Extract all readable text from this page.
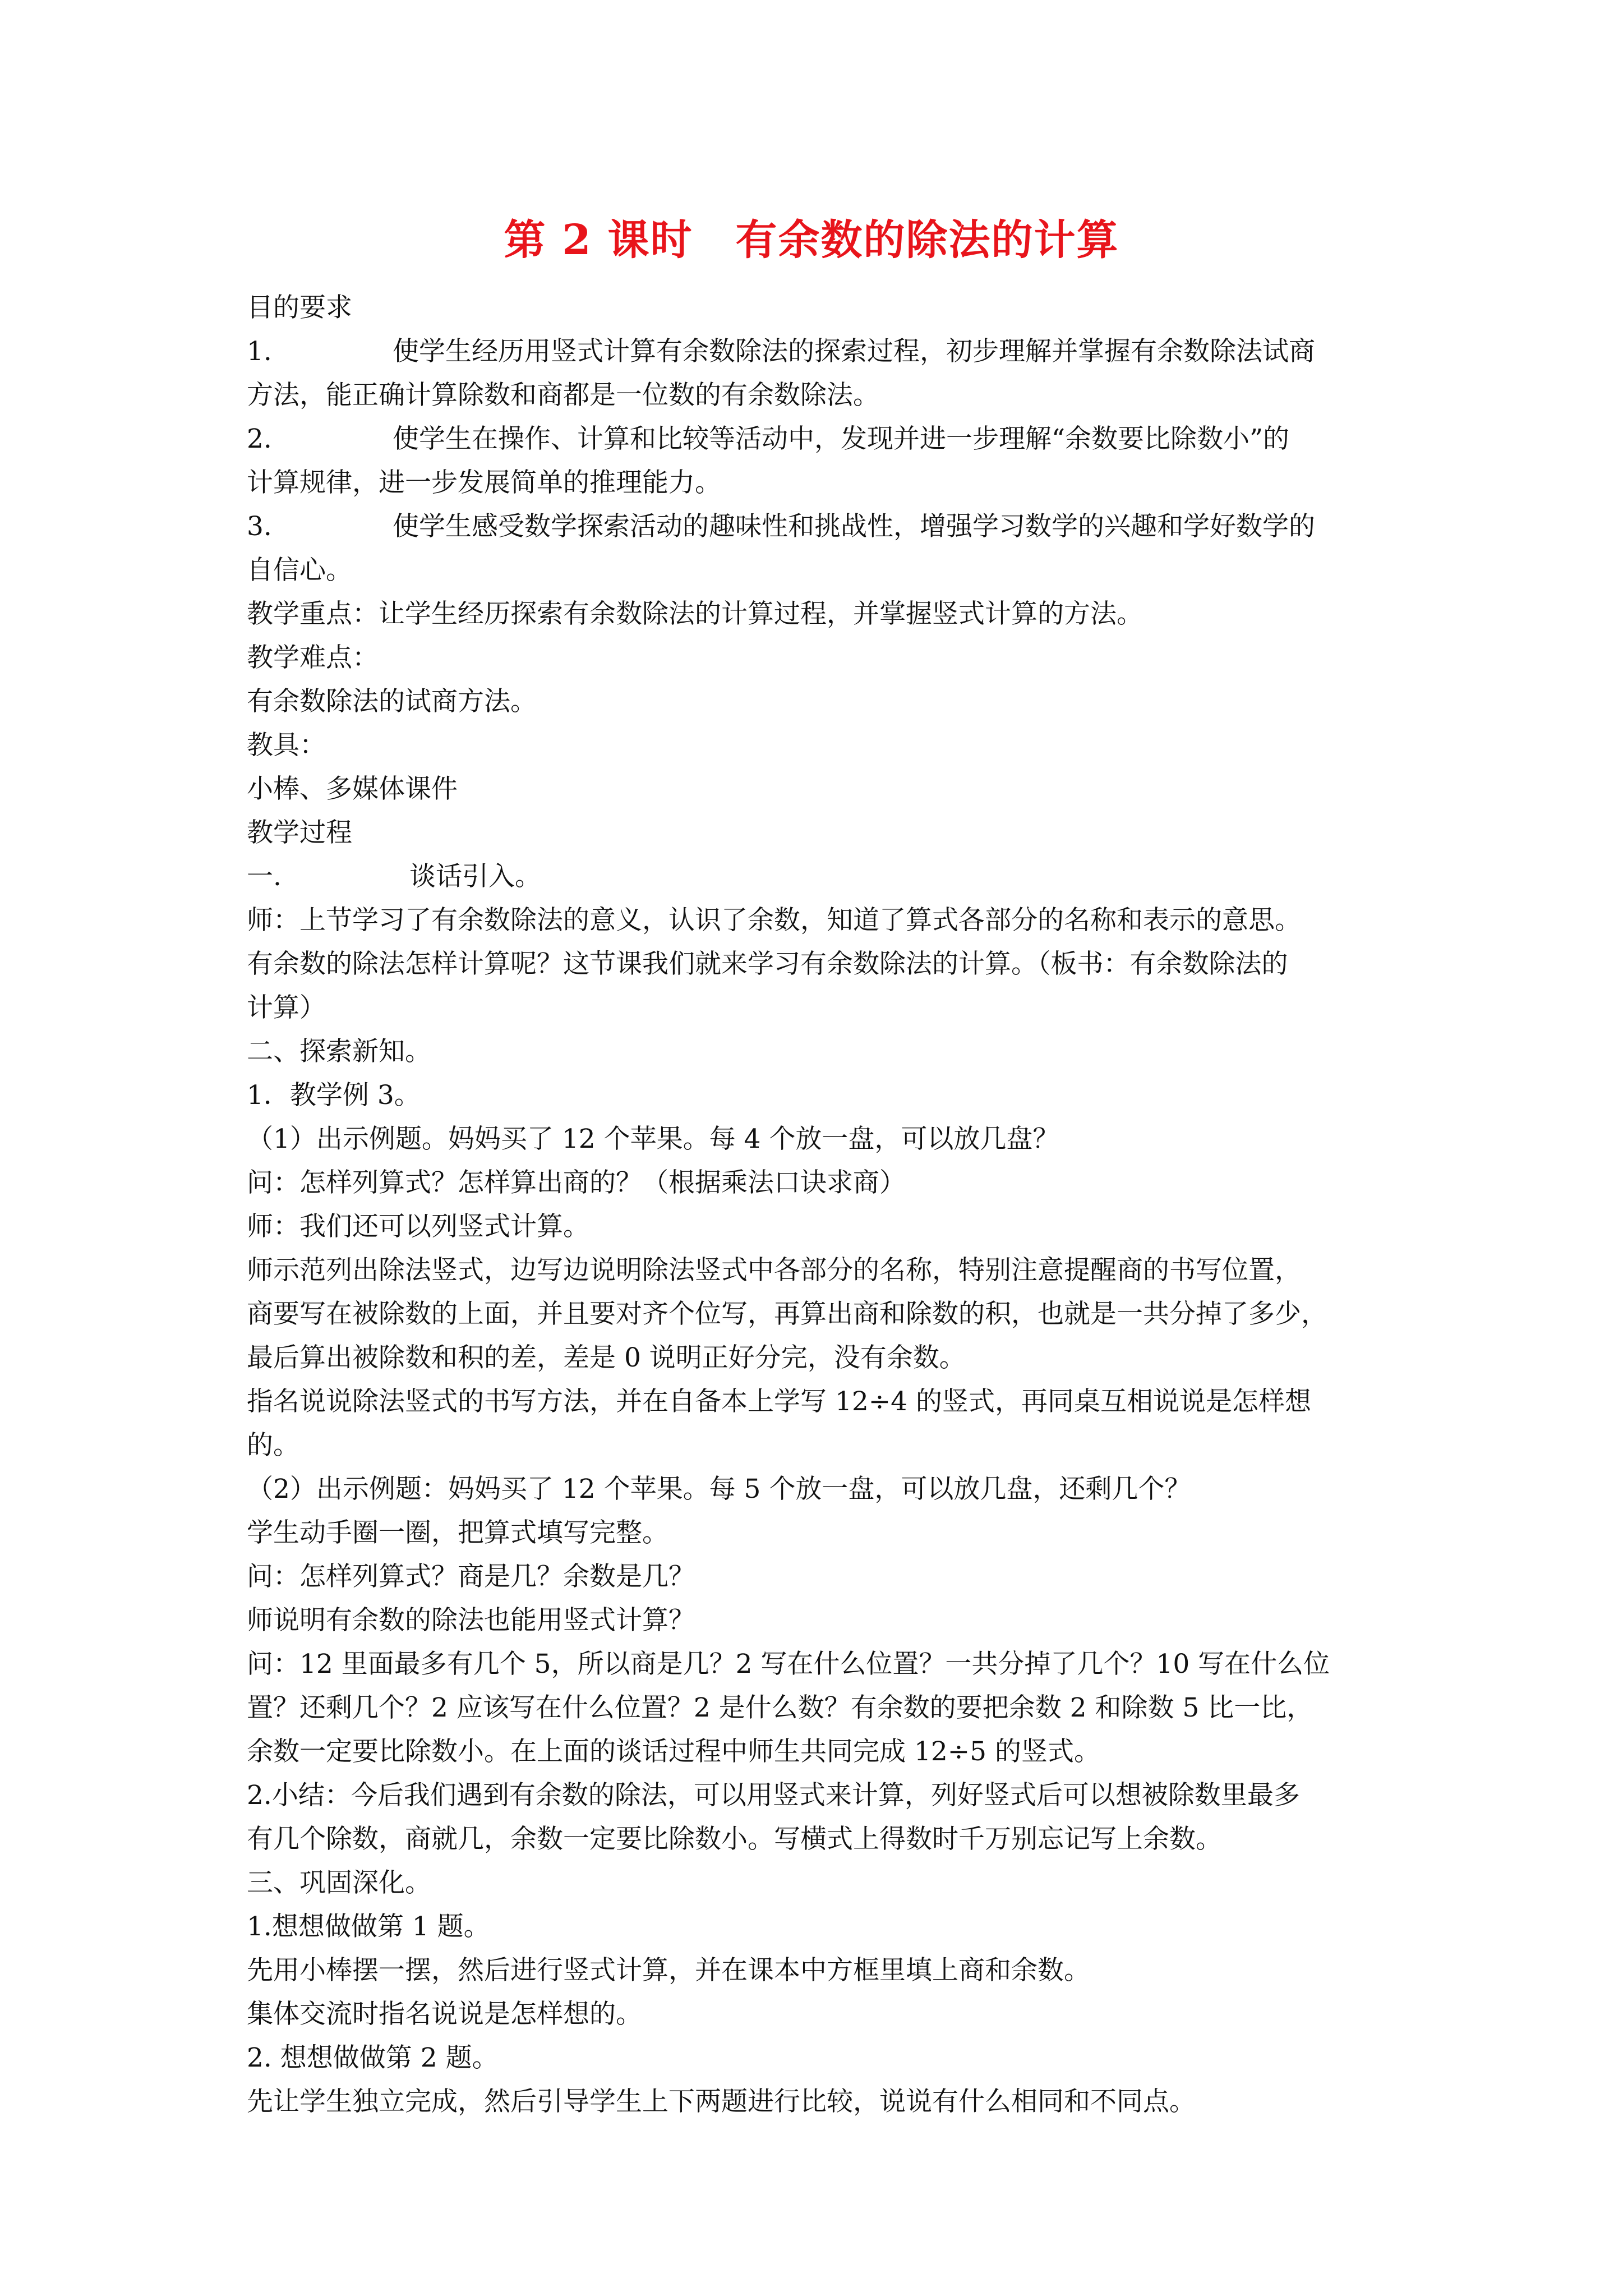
第 2 课时　有余数的除法的计算

目的要求

1.	使学生经历用竖式计算有余数除法的探索过程，初步理解并掌握有余数除法试商

方法，能正确计算除数和商都是一位数的有余数除法。

2.	使学生在操作、计算和比较等活动中，发现并进一步理解“余数要比除数小”的

计算规律，进一步发展简单的推理能力。

3.	使学生感受数学探索活动的趣味性和挑战性，增强学习数学的兴趣和学好数学的

自信心。

教学重点：让学生经历探索有余数除法的计算过程，并掌握竖式计算的方法。

教学难点：

有余数除法的试商方法。

教具：

小棒、多媒体课件

教学过程

一.	谈话引入。

师：上节学习了有余数除法的意义，认识了余数，知道了算式各部分的名称和表示的意思。

有余数的除法怎样计算呢？这节课我们就来学习有余数除法的计算。（板书：有余数除法的

计算）

二、探索新知。

1．教学例 3。

（1）出示例题。妈妈买了 12 个苹果。每 4 个放一盘，可以放几盘？

问：怎样列算式？怎样算出商的？（根据乘法口诀求商）

师：我们还可以列竖式计算。

师示范列出除法竖式，边写边说明除法竖式中各部分的名称，特别注意提醒商的书写位置，

商要写在被除数的上面，并且要对齐个位写，再算出商和除数的积，也就是一共分掉了多少，

最后算出被除数和积的差，差是 0 说明正好分完，没有余数。

指名说说除法竖式的书写方法，并在自备本上学写 12÷4 的竖式，再同桌互相说说是怎样想

的。

（2）出示例题：妈妈买了 12 个苹果。每 5 个放一盘，可以放几盘，还剩几个？

学生动手圈一圈，把算式填写完整。

问：怎样列算式？商是几？余数是几？

师说明有余数的除法也能用竖式计算？

问：12 里面最多有几个 5，所以商是几？2 写在什么位置？一共分掉了几个？10 写在什么位

置？还剩几个？2 应该写在什么位置？2 是什么数？有余数的要把余数 2 和除数 5 比一比，

余数一定要比除数小。在上面的谈话过程中师生共同完成 12÷5 的竖式。

2.小结：今后我们遇到有余数的除法，可以用竖式来计算，列好竖式后可以想被除数里最多

有几个除数，商就几，余数一定要比除数小。写横式上得数时千万别忘记写上余数。

三、巩固深化。

1.想想做做第 1 题。

先用小棒摆一摆，然后进行竖式计算，并在课本中方框里填上商和余数。

集体交流时指名说说是怎样想的。

2. 想想做做第 2 题。

先让学生独立完成，然后引导学生上下两题进行比较，说说有什么相同和不同点。
